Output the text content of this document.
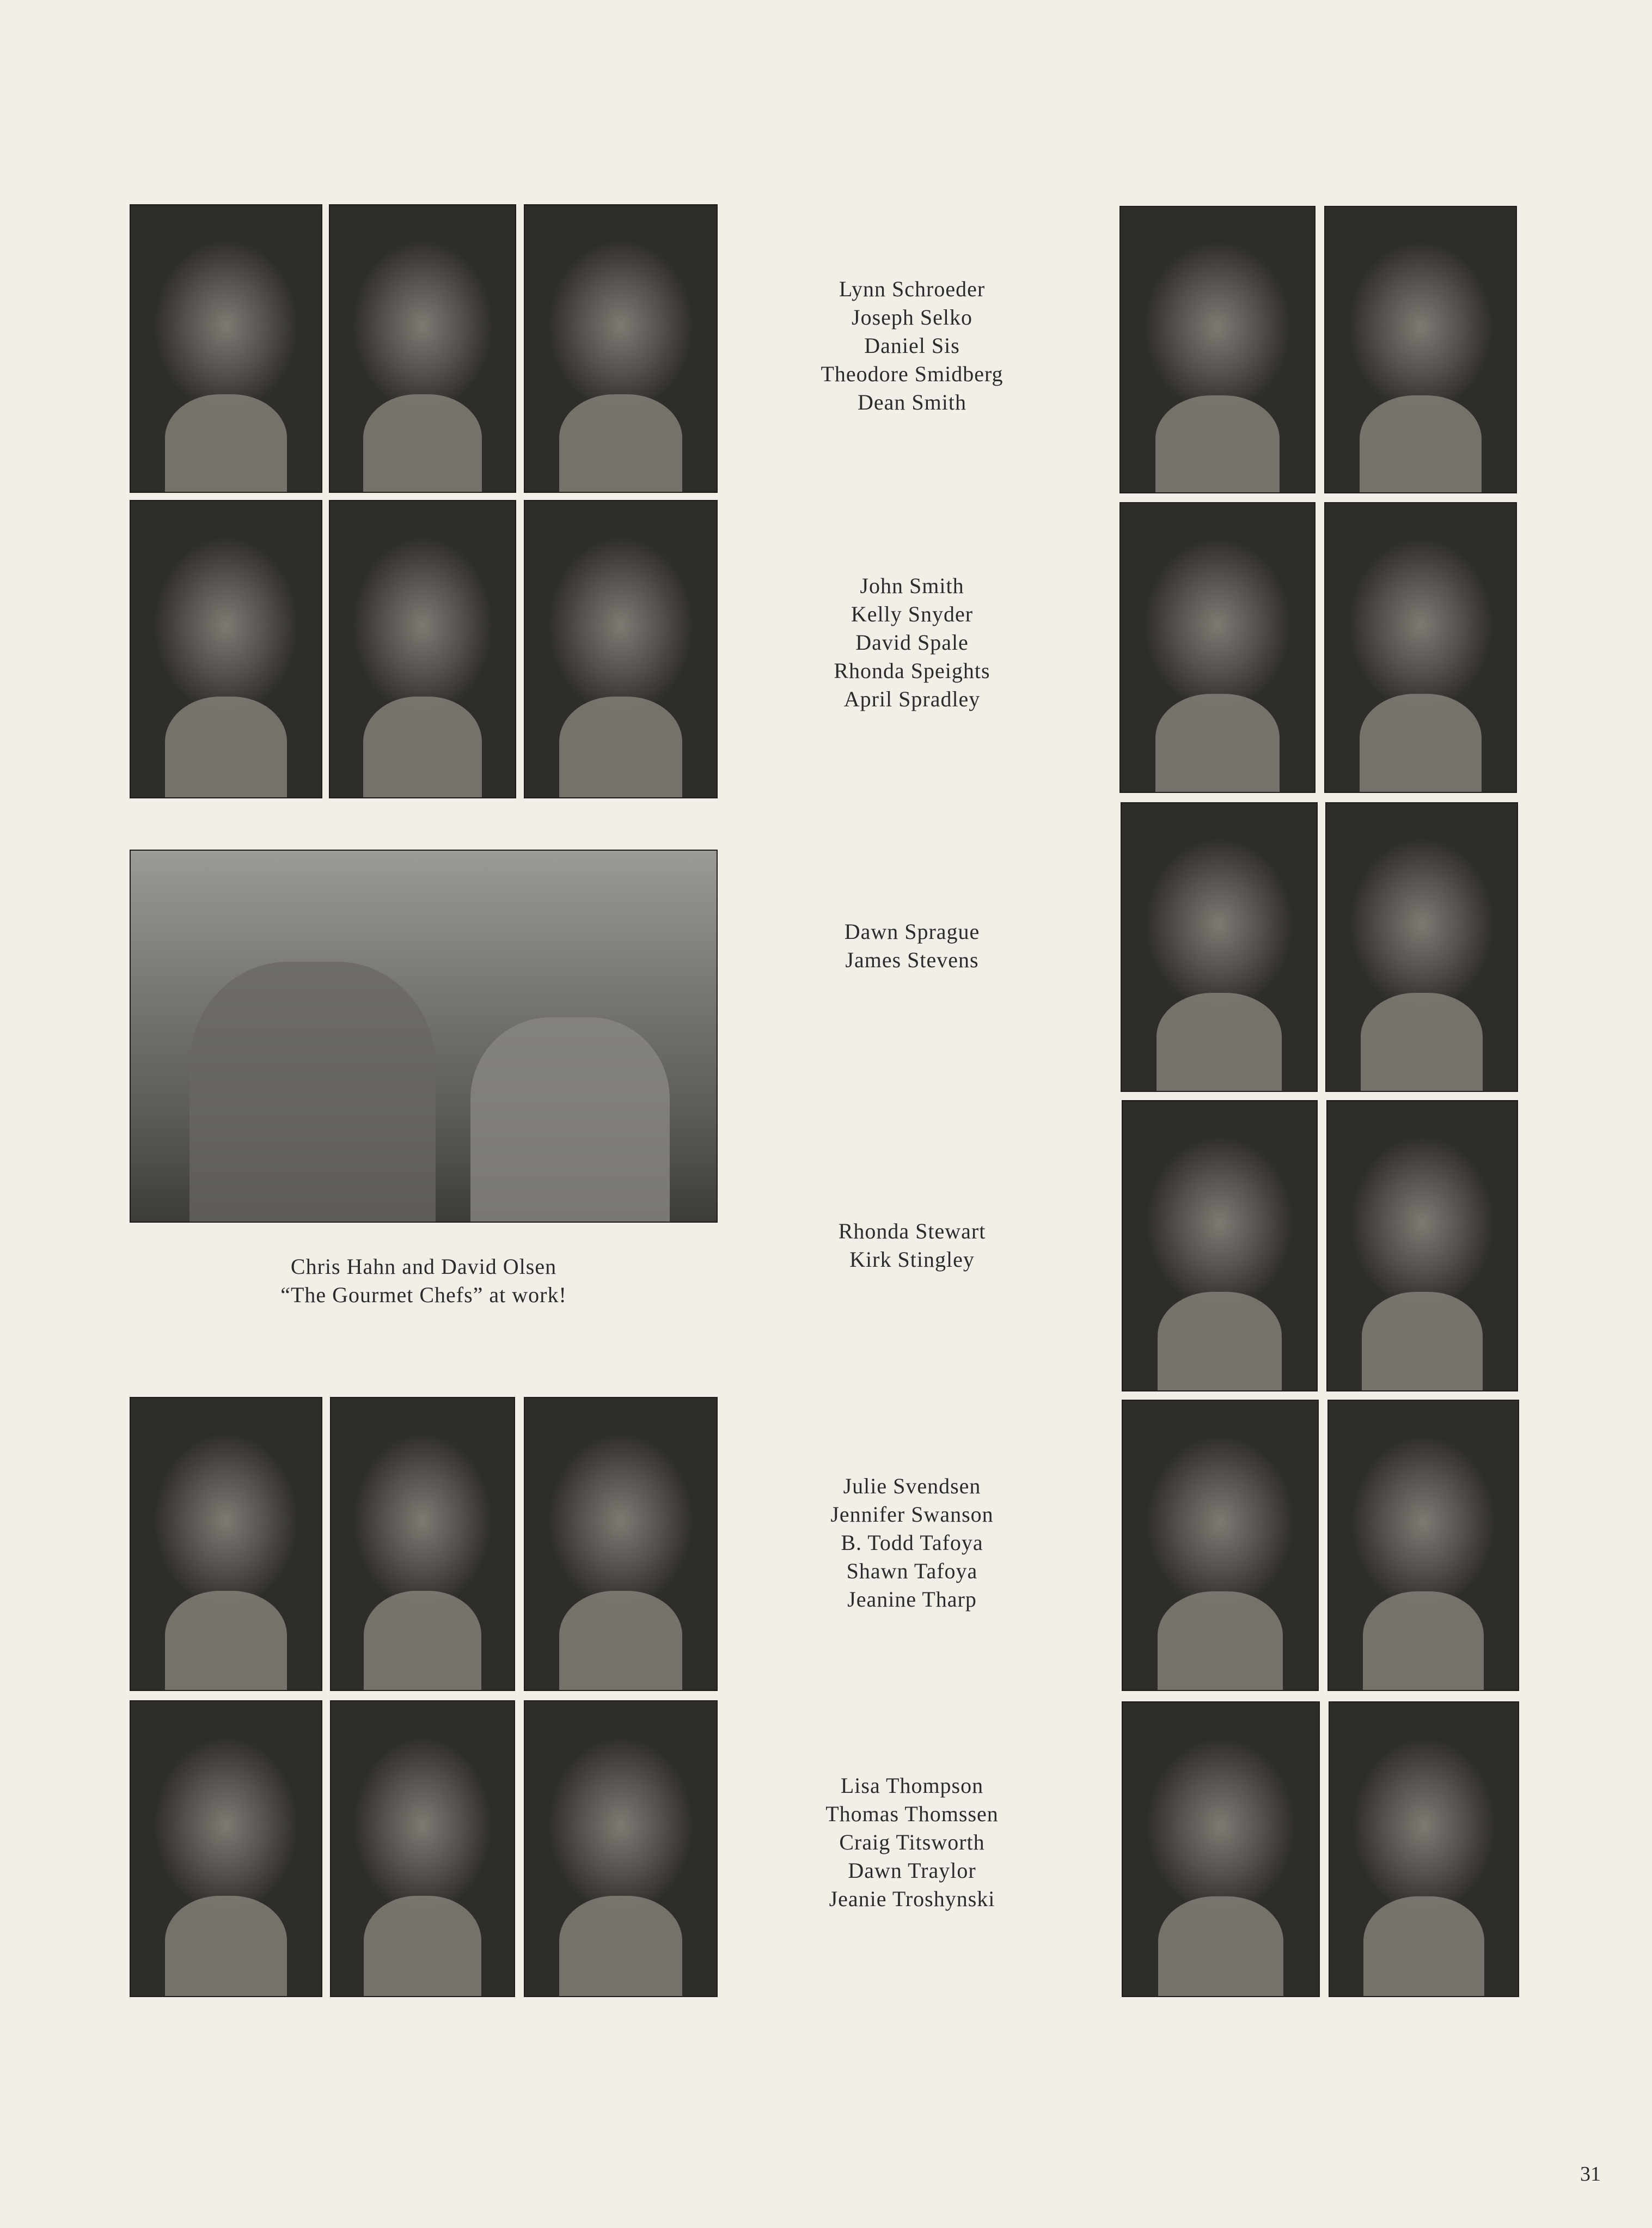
Chris Hahn and David Olsen
“The Gourmet Chefs” at work!
Lynn Schroeder
Joseph Selko
Daniel Sis
Theodore Smidberg
Dean Smith
John Smith
Kelly Snyder
David Spale
Rhonda Speights
April Spradley
Dawn Sprague
James Stevens
Rhonda Stewart
Kirk Stingley
Julie Svendsen
Jennifer Swanson
B. Todd Tafoya
Shawn Tafoya
Jeanine Tharp
Lisa Thompson
Thomas Thomssen
Craig Titsworth
Dawn Traylor
Jeanie Troshynski
31
